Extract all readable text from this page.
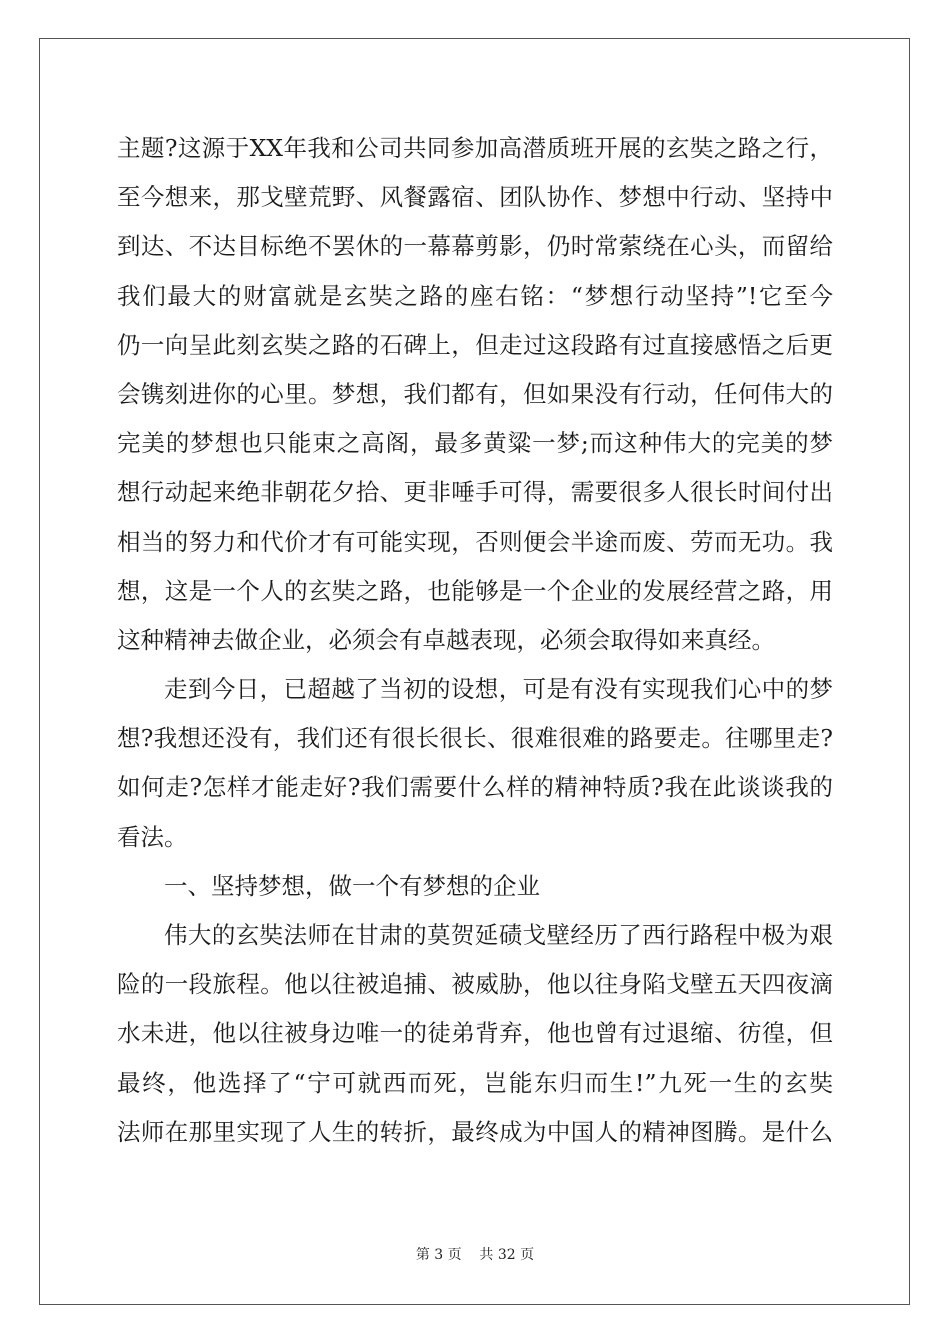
主题?这源于XX年我和公司共同参加高潜质班开展的玄奘之路之行，
至今想来，那戈壁荒野、风餐露宿、团队协作、梦想中行动、坚持中
到达、不达目标绝不罢休的一幕幕剪影，仍时常萦绕在心头，而留给
我们最大的财富就是玄奘之路的座右铭：“梦想行动坚持”!它至今
仍一向呈此刻玄奘之路的石碑上，但走过这段路有过直接感悟之后更
会镌刻进你的心里。梦想，我们都有，但如果没有行动，任何伟大的
完美的梦想也只能束之高阁，最多黄粱一梦;而这种伟大的完美的梦
想行动起来绝非朝花夕拾、更非唾手可得，需要很多人很长时间付出
相当的努力和代价才有可能实现，否则便会半途而废、劳而无功。我
想，这是一个人的玄奘之路，也能够是一个企业的发展经营之路，用
这种精神去做企业，必须会有卓越表现，必须会取得如来真经。
走到今日，已超越了当初的设想，可是有没有实现我们心中的梦
想?我想还没有，我们还有很长很长、很难很难的路要走。往哪里走?
如何走?怎样才能走好?我们需要什么样的精神特质?我在此谈谈我的
看法。
一、坚持梦想，做一个有梦想的企业
伟大的玄奘法师在甘肃的莫贺延碛戈壁经历了西行路程中极为艰
险的一段旅程。他以往被追捕、被威胁，他以往身陷戈壁五天四夜滴
水未进，他以往被身边唯一的徒弟背弃，他也曾有过退缩、彷徨，但
最终，他选择了“宁可就西而死，岂能东归而生!”九死一生的玄奘
法师在那里实现了人生的转折，最终成为中国人的精神图腾。是什么
第 3 页    共 32 页
